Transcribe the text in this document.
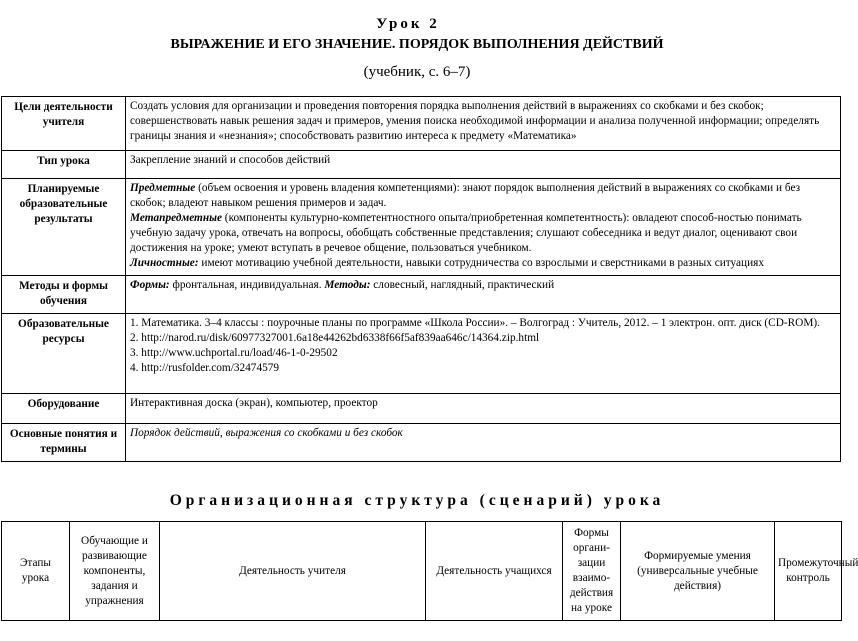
Урок 2
ВЫРАЖЕНИЕ И ЕГО ЗНАЧЕНИЕ. ПОРЯДОК ВЫПОЛНЕНИЯ ДЕЙСТВИЙ
(учебник, с. 6–7)
Цели деятельности учителя	Создать условия для организации и проведения повторения порядка выполнения действий в выражениях со скобками и без скобок; совершенствовать навык решения задач и примеров, умения поиска необходимой информации и анализа полученной информации; определять границы знания и «незнания»; способствовать развитию интереса к предмету «Математика»
Тип урока	Закрепление знаний и способов действий
Планируемые образовательные результаты	Предметные (объем освоения и уровень владения компетенциями): знают порядок выполнения действий в выражениях со скобками и без скобок; владеют навыком решения примеров и задач.
Метапредметные (компоненты культурно-компетентностного опыта/приобретенная компетентность): овладеют способ-ностью понимать учебную задачу урока, отвечать на вопросы, обобщать собственные представления; слушают собеседника и ведут диалог, оценивают свои достижения на уроке; умеют вступать в речевое общение, пользоваться учебником.
Личностные: имеют мотивацию учебной деятельности, навыки сотрудничества со взрослыми и сверстниками в разных ситуациях
Методы и формы обучения	Формы: фронтальная, индивидуальная. Методы: словесный, наглядный, практический
Образовательные ресурсы	1. Математика. 3–4 классы : поурочные планы по программе «Школа России». – Волгоград : Учитель, 2012. – 1 электрон. опт. диск (CD-ROM).
2. http://narod.ru/disk/60977327001.6a18e44262bd6338f66f5af839aa646c/14364.zip.html
3. http://www.uchportal.ru/load/46-1-0-29502
4. http://rusfolder.com/32474579

Оборудование	Интерактивная доска (экран), компьютер, проектор
Основные понятия и термины	Порядок действий, выражения со скобками и без скобок
Организационная структура (сценарий) урока
Этапы урока	Обучающие и развивающие компоненты, задания и упражнения	Деятельность учителя	Деятельность учащихся	Формы органи-зации взаимо-действия на уроке	Формируемые умения (универсальные учебные действия)	Промежуточный контроль
